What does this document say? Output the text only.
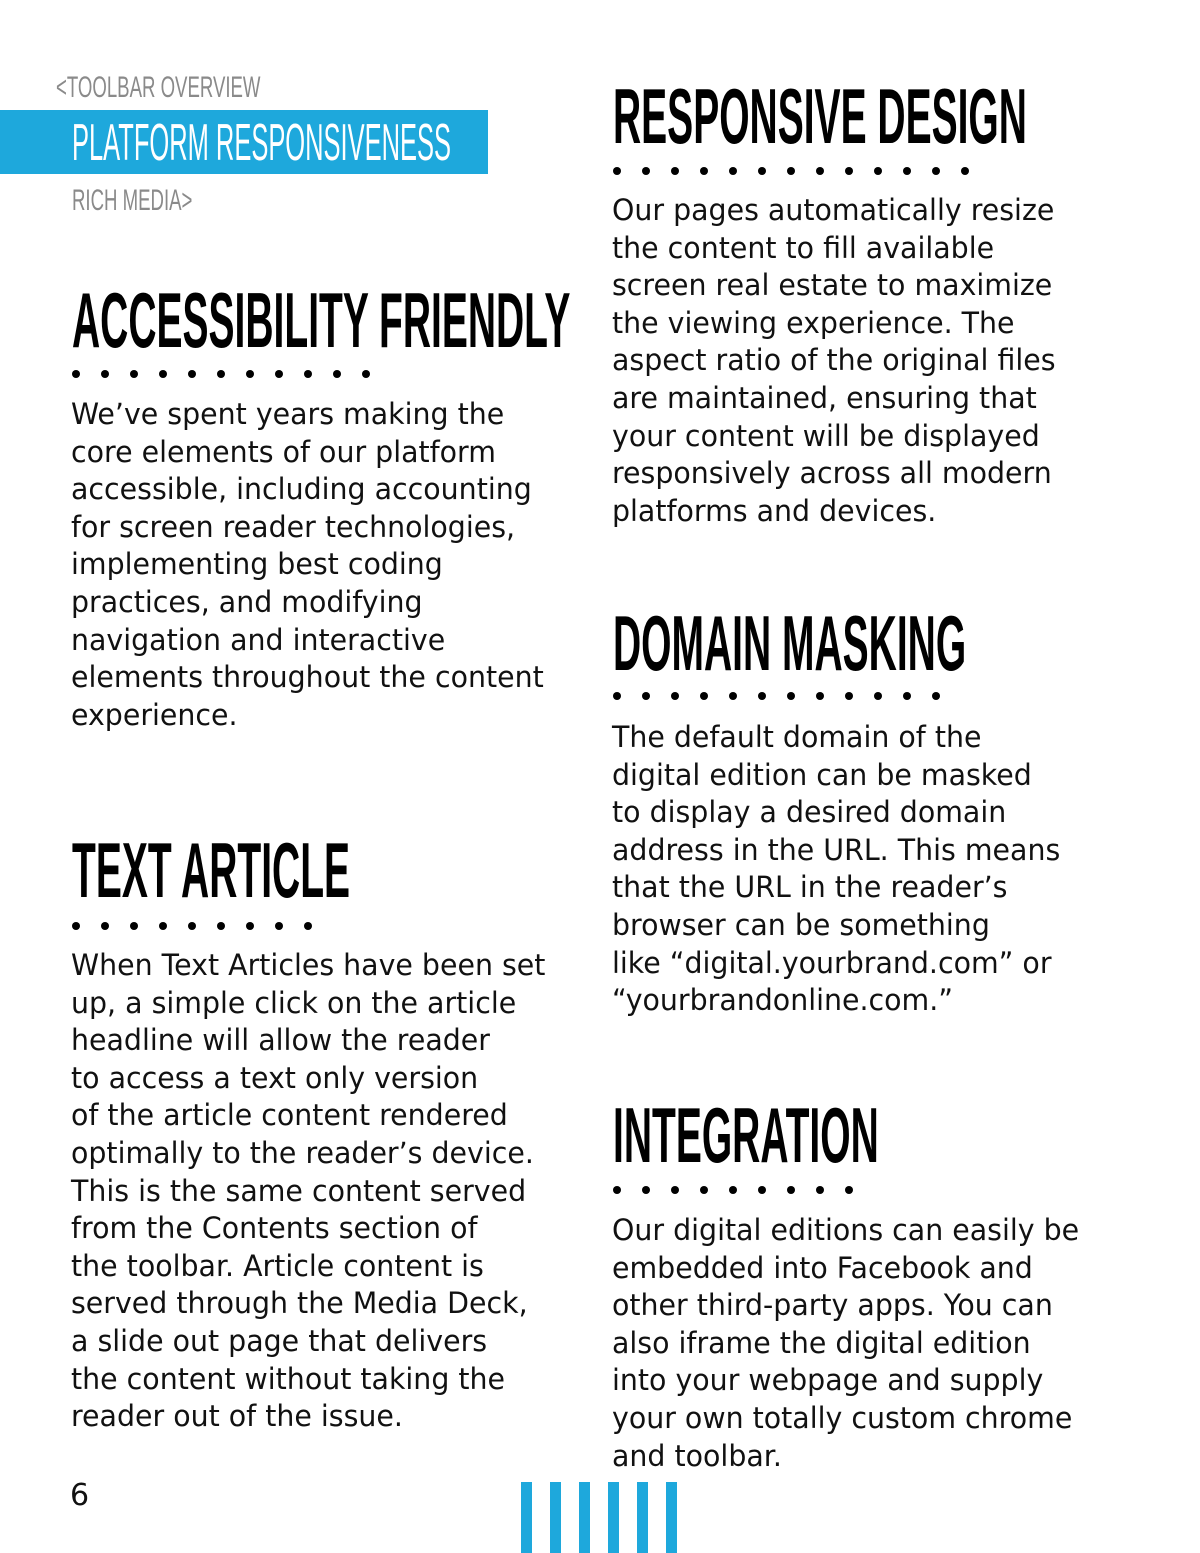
<TOOLBAR OVERVIEW
PLATFORM RESPONSIVENESS
RICH MEDIA>
ACCESSIBILITY FRIENDLY

We’ve spent years making the
core elements of our platform
accessible, including accounting
for screen reader technologies,
implementing best coding
practices, and modifying
navigation and interactive
elements throughout the content
experience.

TEXT ARTICLE

When Text Articles have been set
up, a simple click on the article
headline will allow the reader
to access a text only version
of the article content rendered
optimally to the reader’s device.
This is the same content served
from the Contents section of
the toolbar. Article content is
served through the Media Deck,
a slide out page that delivers
the content without taking the
reader out of the issue.

RESPONSIVE DESIGN

Our pages automatically resize
the content to fill available
screen real estate to maximize
the viewing experience. The
aspect ratio of the original files
are maintained, ensuring that
your content will be displayed
responsively across all modern
platforms and devices.

DOMAIN MASKING

The default domain of the
digital edition can be masked
to display a desired domain
address in the URL. This means
that the URL in the reader’s
browser can be something
like “digital.yourbrand.com” or
“yourbrandonline.com.”

INTEGRATION

Our digital editions can easily be
embedded into Facebook and
other third-party apps. You can
also iframe the digital edition
into your webpage and supply
your own totally custom chrome
and toolbar.

6
